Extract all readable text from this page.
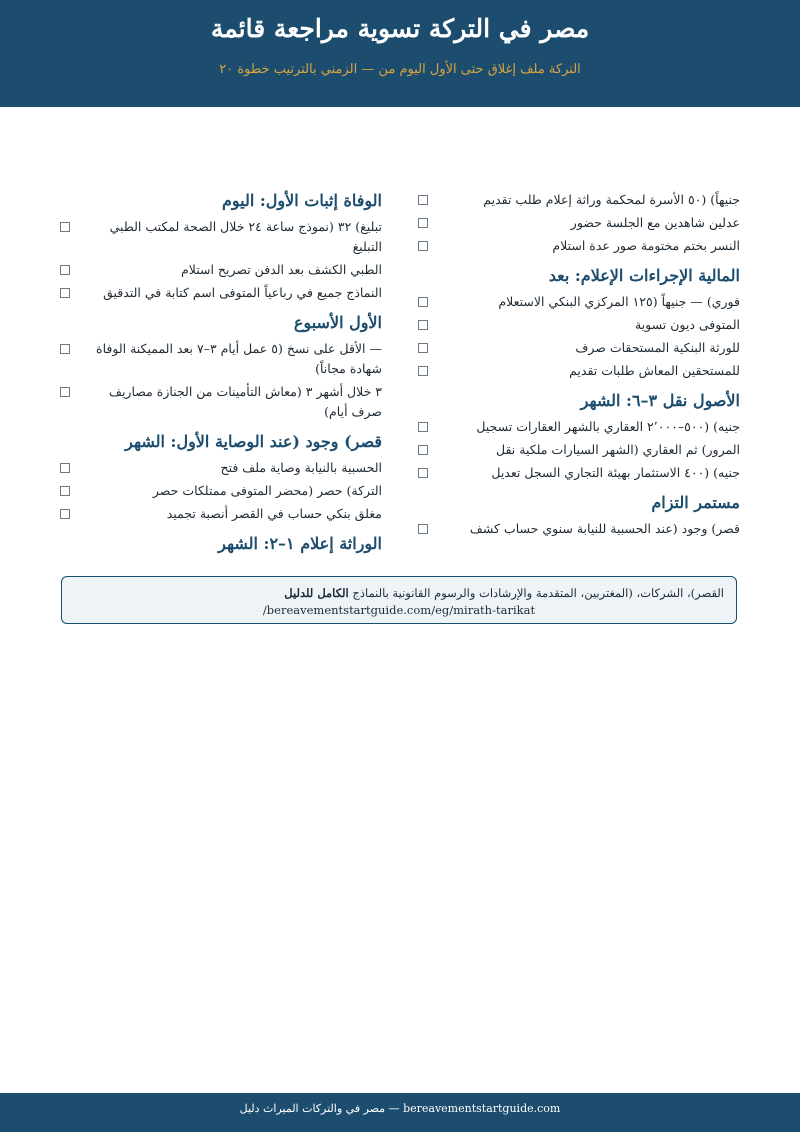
مصر في التركة تسوية مراجعة قائمة
التركة ملف إغلاق حتى الأول اليوم من — الزمني بالترتيب خطوة ٢٠
جنيهاً) (٥٠ الأسرة لمحكمة وراثة إعلام طلب تقديم
عدلين شاهدين مع الجلسة حضور
النسر بختم مختومة صور عدة استلام
المالية الإجراءات الإعلام: بعد
فوري) — جنيهاً (١٢٥ المركزي البنكي الاستعلام
المتوفى ديون تسوية
للورثة البنكية المستحقات صرف
للمستحقين المعاش طلبات تقديم
الأصول نقل ٣–٦: الشهر
جنيه) (٥٠٠–٢٬٠٠٠ العقاري بالشهر العقارات تسجيل
المرور) ثم العقاري (الشهر السيارات ملكية نقل
جنيه) (٤٠٠ الاستثمار بهيئة التجاري السجل تعديل
مستمر التزام
قصر) وجود (عند الحسبية للنيابة سنوي حساب كشف
الوفاة إثبات الأول: اليوم
تبليغ) ٣٢ (نموذج ساعة ٢٤ خلال الصحة لمكتب الطبي التبليغ
الطبي الكشف بعد الدفن تصريح استلام
النماذج جميع في رباعياً المتوفى اسم كتابة في التدقيق
الأول الأسبوع
— الأقل على نسخ (٥ عمل أيام ٣–٧ بعد المميكنة الوفاة شهادة مجاناً)
٣ خلال أشهر ٣ (معاش التأمينات من الجنازة مصاريف صرف أيام)
قصر) وجود (عند الوصاية الأول: الشهر
الحسبية بالنيابة وصاية ملف فتح
التركة) حصر (محضر المتوفى ممتلكات حصر
مغلق بنكي حساب في القصر أنصبة تجميد
الوراثة إعلام ١–٢: الشهر
القصر)، الشركات، (المغتربين، المتقدمة والإرشادات والرسوم القانونية بالنماذج الكامل للدليل
bereavementstartguide.com/eg/mirath-tarikat/
bereavementstartguide.com — مصر في والتركات الميراث دليل
